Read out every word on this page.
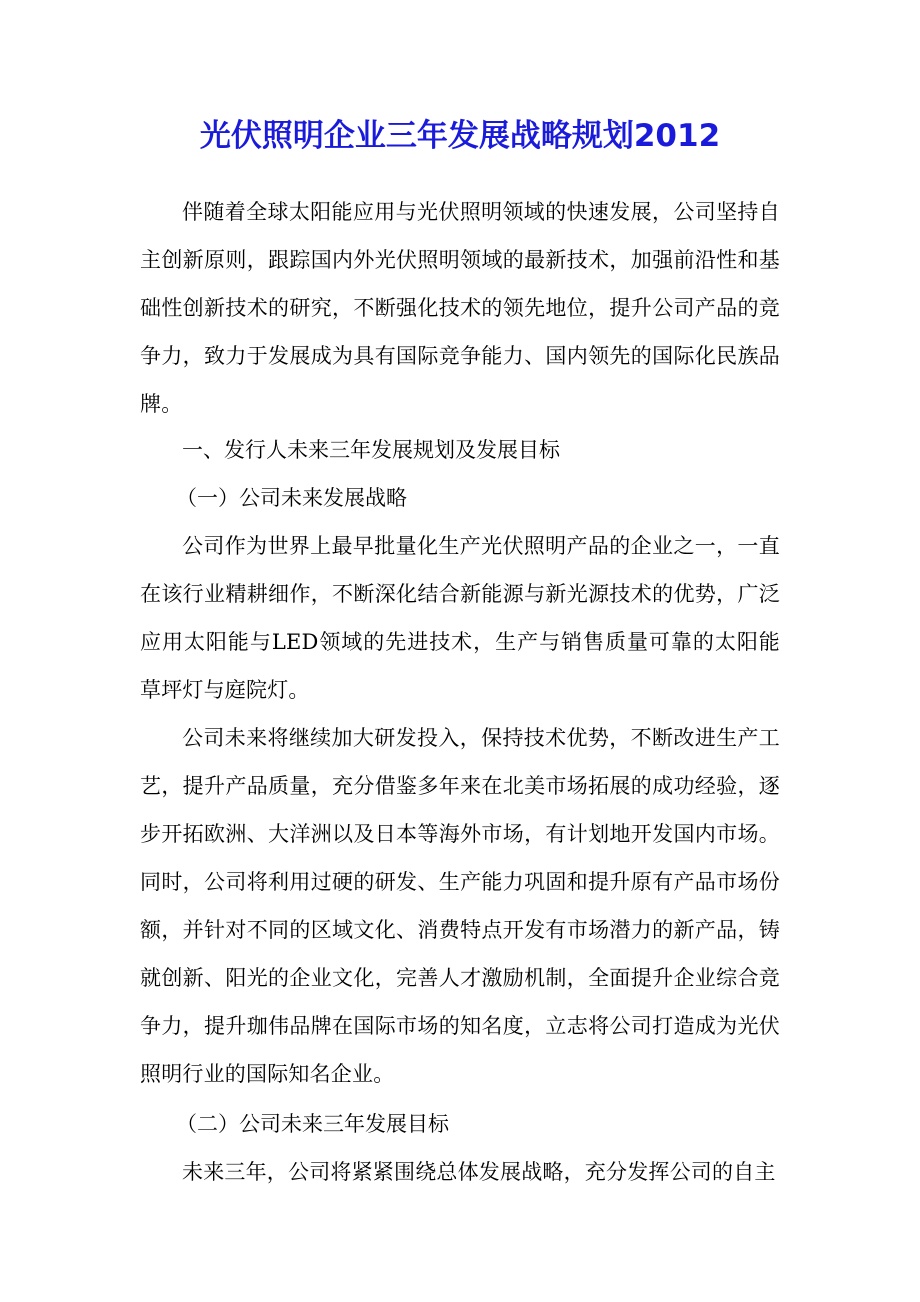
光伏照明企业三年发展战略规划2012

伴随着全球太阳能应用与光伏照明领域的快速发展，公司坚持自主创新原则，跟踪国内外光伏照明领域的最新技术，加强前沿性和基础性创新技术的研究，不断强化技术的领先地位，提升公司产品的竞争力，致力于发展成为具有国际竞争能力、国内领先的国际化民族品牌。

一、发行人未来三年发展规划及发展目标

（一）公司未来发展战略

公司作为世界上最早批量化生产光伏照明产品的企业之一，一直在该行业精耕细作，不断深化结合新能源与新光源技术的优势，广泛应用太阳能与LED领域的先进技术，生产与销售质量可靠的太阳能草坪灯与庭院灯。

公司未来将继续加大研发投入，保持技术优势，不断改进生产工艺，提升产品质量，充分借鉴多年来在北美市场拓展的成功经验，逐步开拓欧洲、大洋洲以及日本等海外市场，有计划地开发国内市场。同时，公司将利用过硬的研发、生产能力巩固和提升原有产品市场份额，并针对不同的区域文化、消费特点开发有市场潜力的新产品，铸就创新、阳光的企业文化，完善人才激励机制，全面提升企业综合竞争力，提升珈伟品牌在国际市场的知名度，立志将公司打造成为光伏照明行业的国际知名企业。

（二）公司未来三年发展目标

未来三年，公司将紧紧围绕总体发展战略，充分发挥公司的自主
